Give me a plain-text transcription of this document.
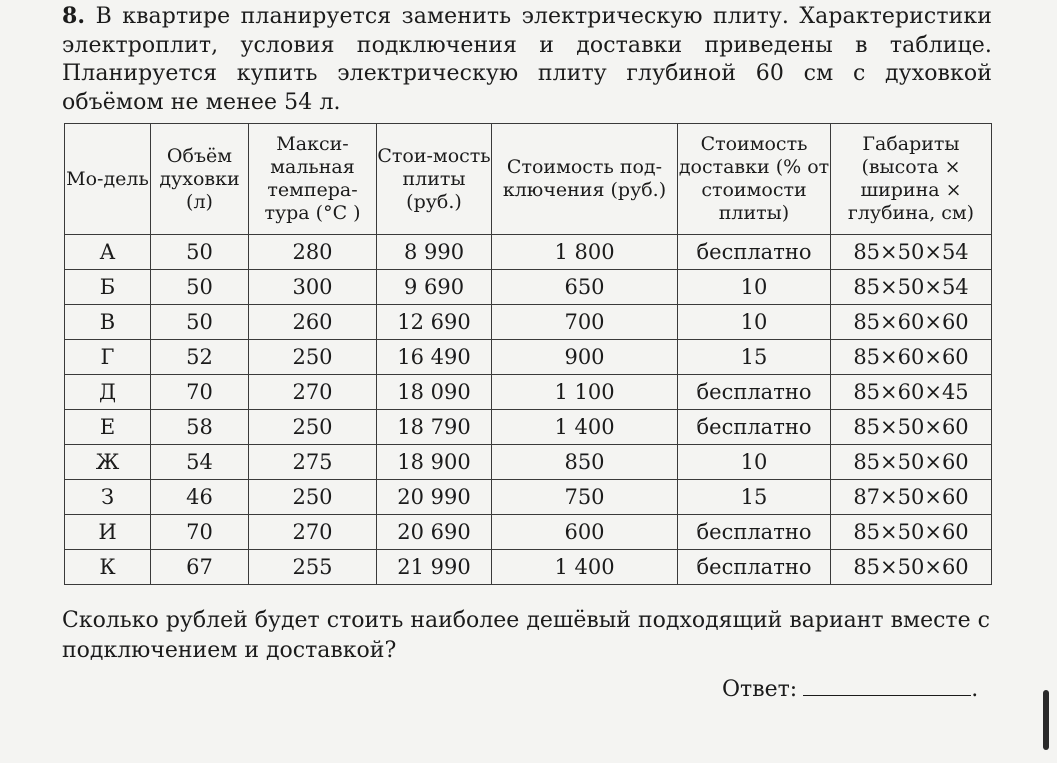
8. В квартире планируется заменить электрическую плиту. Характеристики электроплит, условия подключения и доставки приведены в таблице. Планируется купить электрическую плиту глубиной 60 см с духовкой объёмом не менее 54 л.

Мо-дель	Объём духовки (л)	Макси-мальная темпера-тура (°С )	Стои-мость плиты (руб.)	Стоимость под-ключения (руб.)	Стоимость доставки (% от стоимости плиты)	Габариты (высота × ширина × глубина, см)
А	50	280	8 990	1 800	бесплатно	85×50×54
Б	50	300	9 690	650	10	85×50×54
В	50	260	12 690	700	10	85×60×60
Г	52	250	16 490	900	15	85×60×60
Д	70	270	18 090	1 100	бесплатно	85×60×45
Е	58	250	18 790	1 400	бесплатно	85×50×60
Ж	54	275	18 900	850	10	85×50×60
З	46	250	20 990	750	15	87×50×60
И	70	270	20 690	600	бесплатно	85×50×60
К	67	255	21 990	1 400	бесплатно	85×50×60

Сколько рублей будет стоить наиболее дешёвый подходящий вариант вместе с подключением и доставкой?

Ответ:	.
